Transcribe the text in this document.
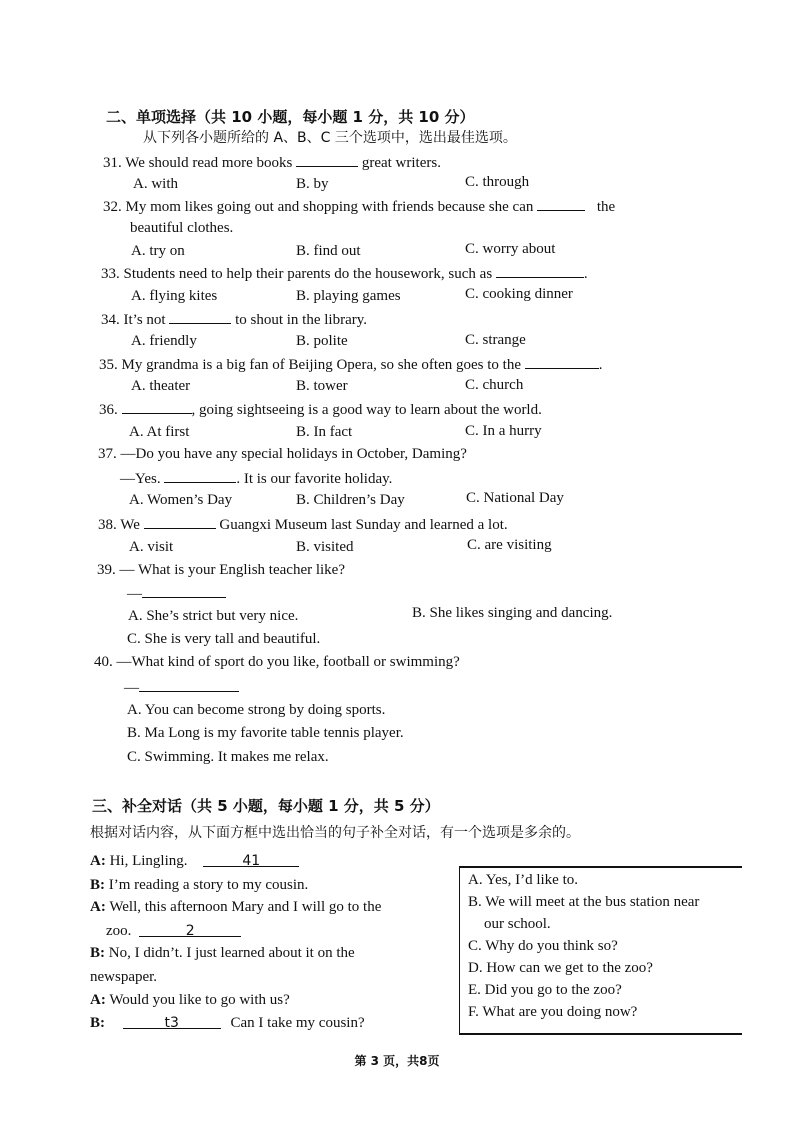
二、单项选择（共 10 小题，每小题 1 分，共 10 分）
从下列各小题所给的 A、B、C 三个选项中，选出最佳选项。
31. We should read more books	great writers.
A. with	B. by	C. through
32. My mom likes going out and shopping with friends because she can	the
beautiful clothes.
A. try on	B. find out	C. worry about
33. Students need to help their parents do the housework, such as	.
A. flying kites	B. playing games	C. cooking dinner
34. It’s not	to shout in the library.
A. friendly	B. polite	C. strange
35. My grandma is a big fan of Beijing Opera, so she often goes to the	.
A. theater	B. tower	C. church
36.	, going sightseeing is a good way to learn about the world.
A. At first	B. In fact	C. In a hurry
37. —Do you have any special holidays in October, Daming?
—Yes.	. It is our favorite holiday.
A. Women’s Day	B. Children’s Day	C. National Day
38. We	Guangxi Museum last Sunday and learned a lot.
A. visit	B. visited	C. are visiting
39. — What is your English teacher like?
—
A. She’s strict but very nice.	B. She likes singing and dancing.
C. She is very tall and beautiful.
40. —What kind of sport do you like, football or swimming?
—
A. You can become strong by doing sports.
B. Ma Long is my favorite table tennis player.
C. Swimming. It makes me relax.
三、补全对话（共 5 小题，每小题 1 分，共 5 分）
根据对话内容，从下面方框中选出恰当的句子补全对话，有一个选项是多余的。
A: Hi, Lingling.	41
B: I’m reading a story to my cousin.
A: Well, this afternoon Mary and I will go to the
zoo.	2
B: No, I didn’t. I just learned about it on the
newspaper.
A: Would you like to go with us?
B:	t3	Can I take my cousin?
A. Yes, I’d like to.
B. We will meet at the bus station near
our school.
C. Why do you think so?
D. How can we get to the zoo?
E. Did you go to the zoo?
F. What are you doing now?
第 3 页，共8页
